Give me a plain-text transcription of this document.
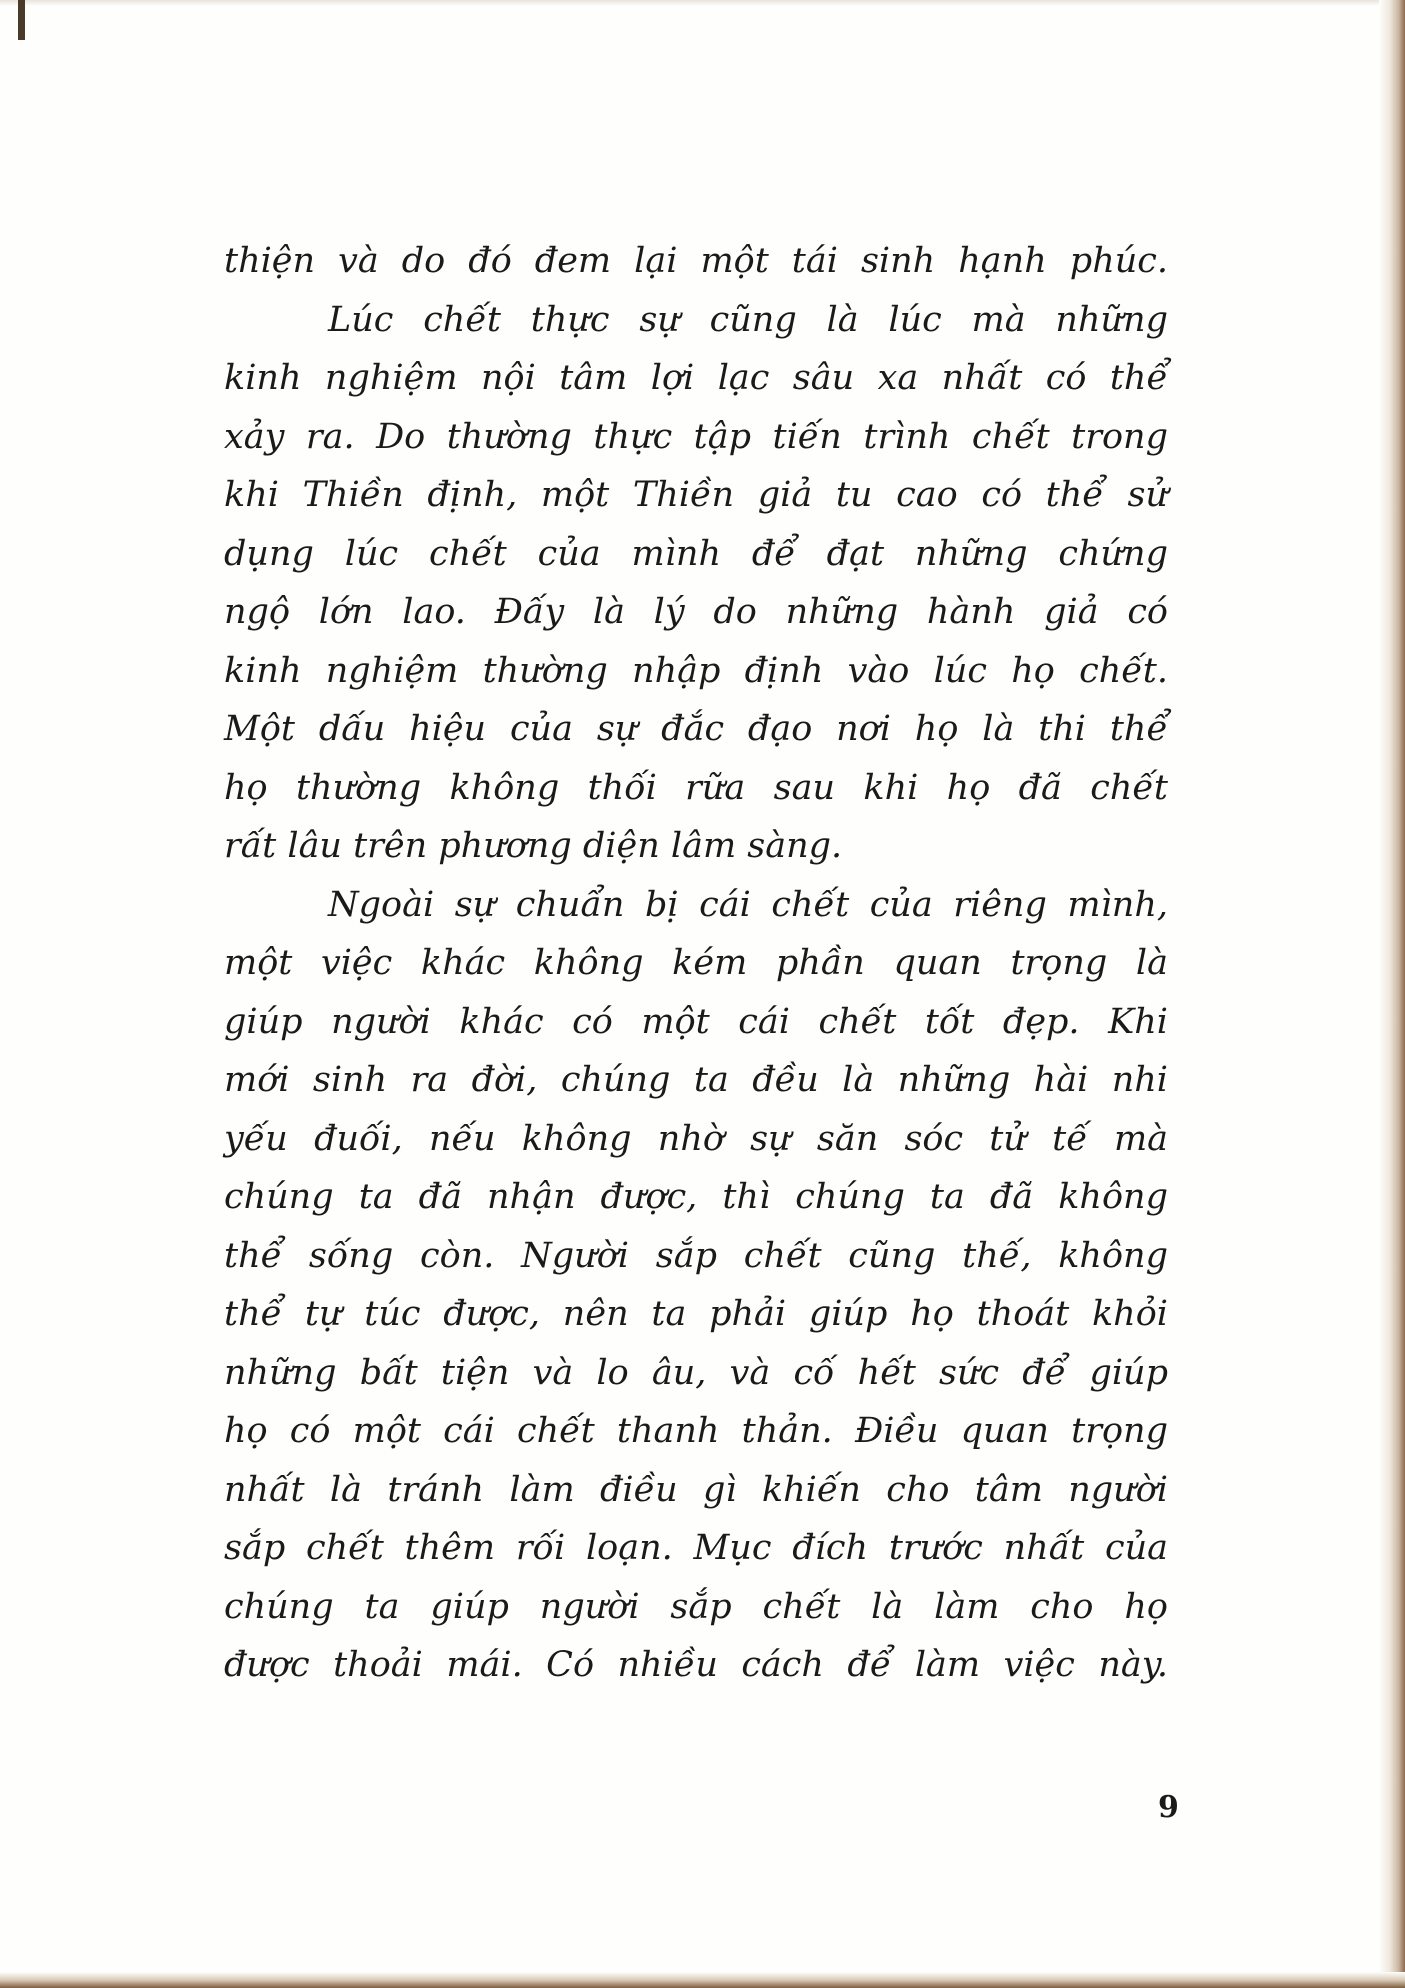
thiện và do đó đem lại một tái sinh hạnh phúc.
Lúc chết thực sự cũng là lúc mà những
kinh nghiệm nội tâm lợi lạc sâu xa nhất có thể
xảy ra. Do thường thực tập tiến trình chết trong
khi Thiền định, một Thiền giả tu cao có thể sử
dụng lúc chết của mình để đạt những chứng
ngộ lớn lao. Đấy là lý do những hành giả có
kinh nghiệm thường nhập định vào lúc họ chết.
Một dấu hiệu của sự đắc đạo nơi họ là thi thể
họ thường không thối rữa sau khi họ đã chết
rất lâu trên phương diện lâm sàng.
Ngoài sự chuẩn bị cái chết của riêng mình,
một việc khác không kém phần quan trọng là
giúp người khác có một cái chết tốt đẹp. Khi
mới sinh ra đời, chúng ta đều là những hài nhi
yếu đuối, nếu không nhờ sự săn sóc tử tế mà
chúng ta đã nhận được, thì chúng ta đã không
thể sống còn. Người sắp chết cũng thế, không
thể tự túc được, nên ta phải giúp họ thoát khỏi
những bất tiện và lo âu, và cố hết sức để giúp
họ có một cái chết thanh thản. Điều quan trọng
nhất là tránh làm điều gì khiến cho tâm người
sắp chết thêm rối loạn. Mục đích trước nhất của
chúng ta giúp người sắp chết là làm cho họ
được thoải mái. Có nhiều cách để làm việc này.
9
